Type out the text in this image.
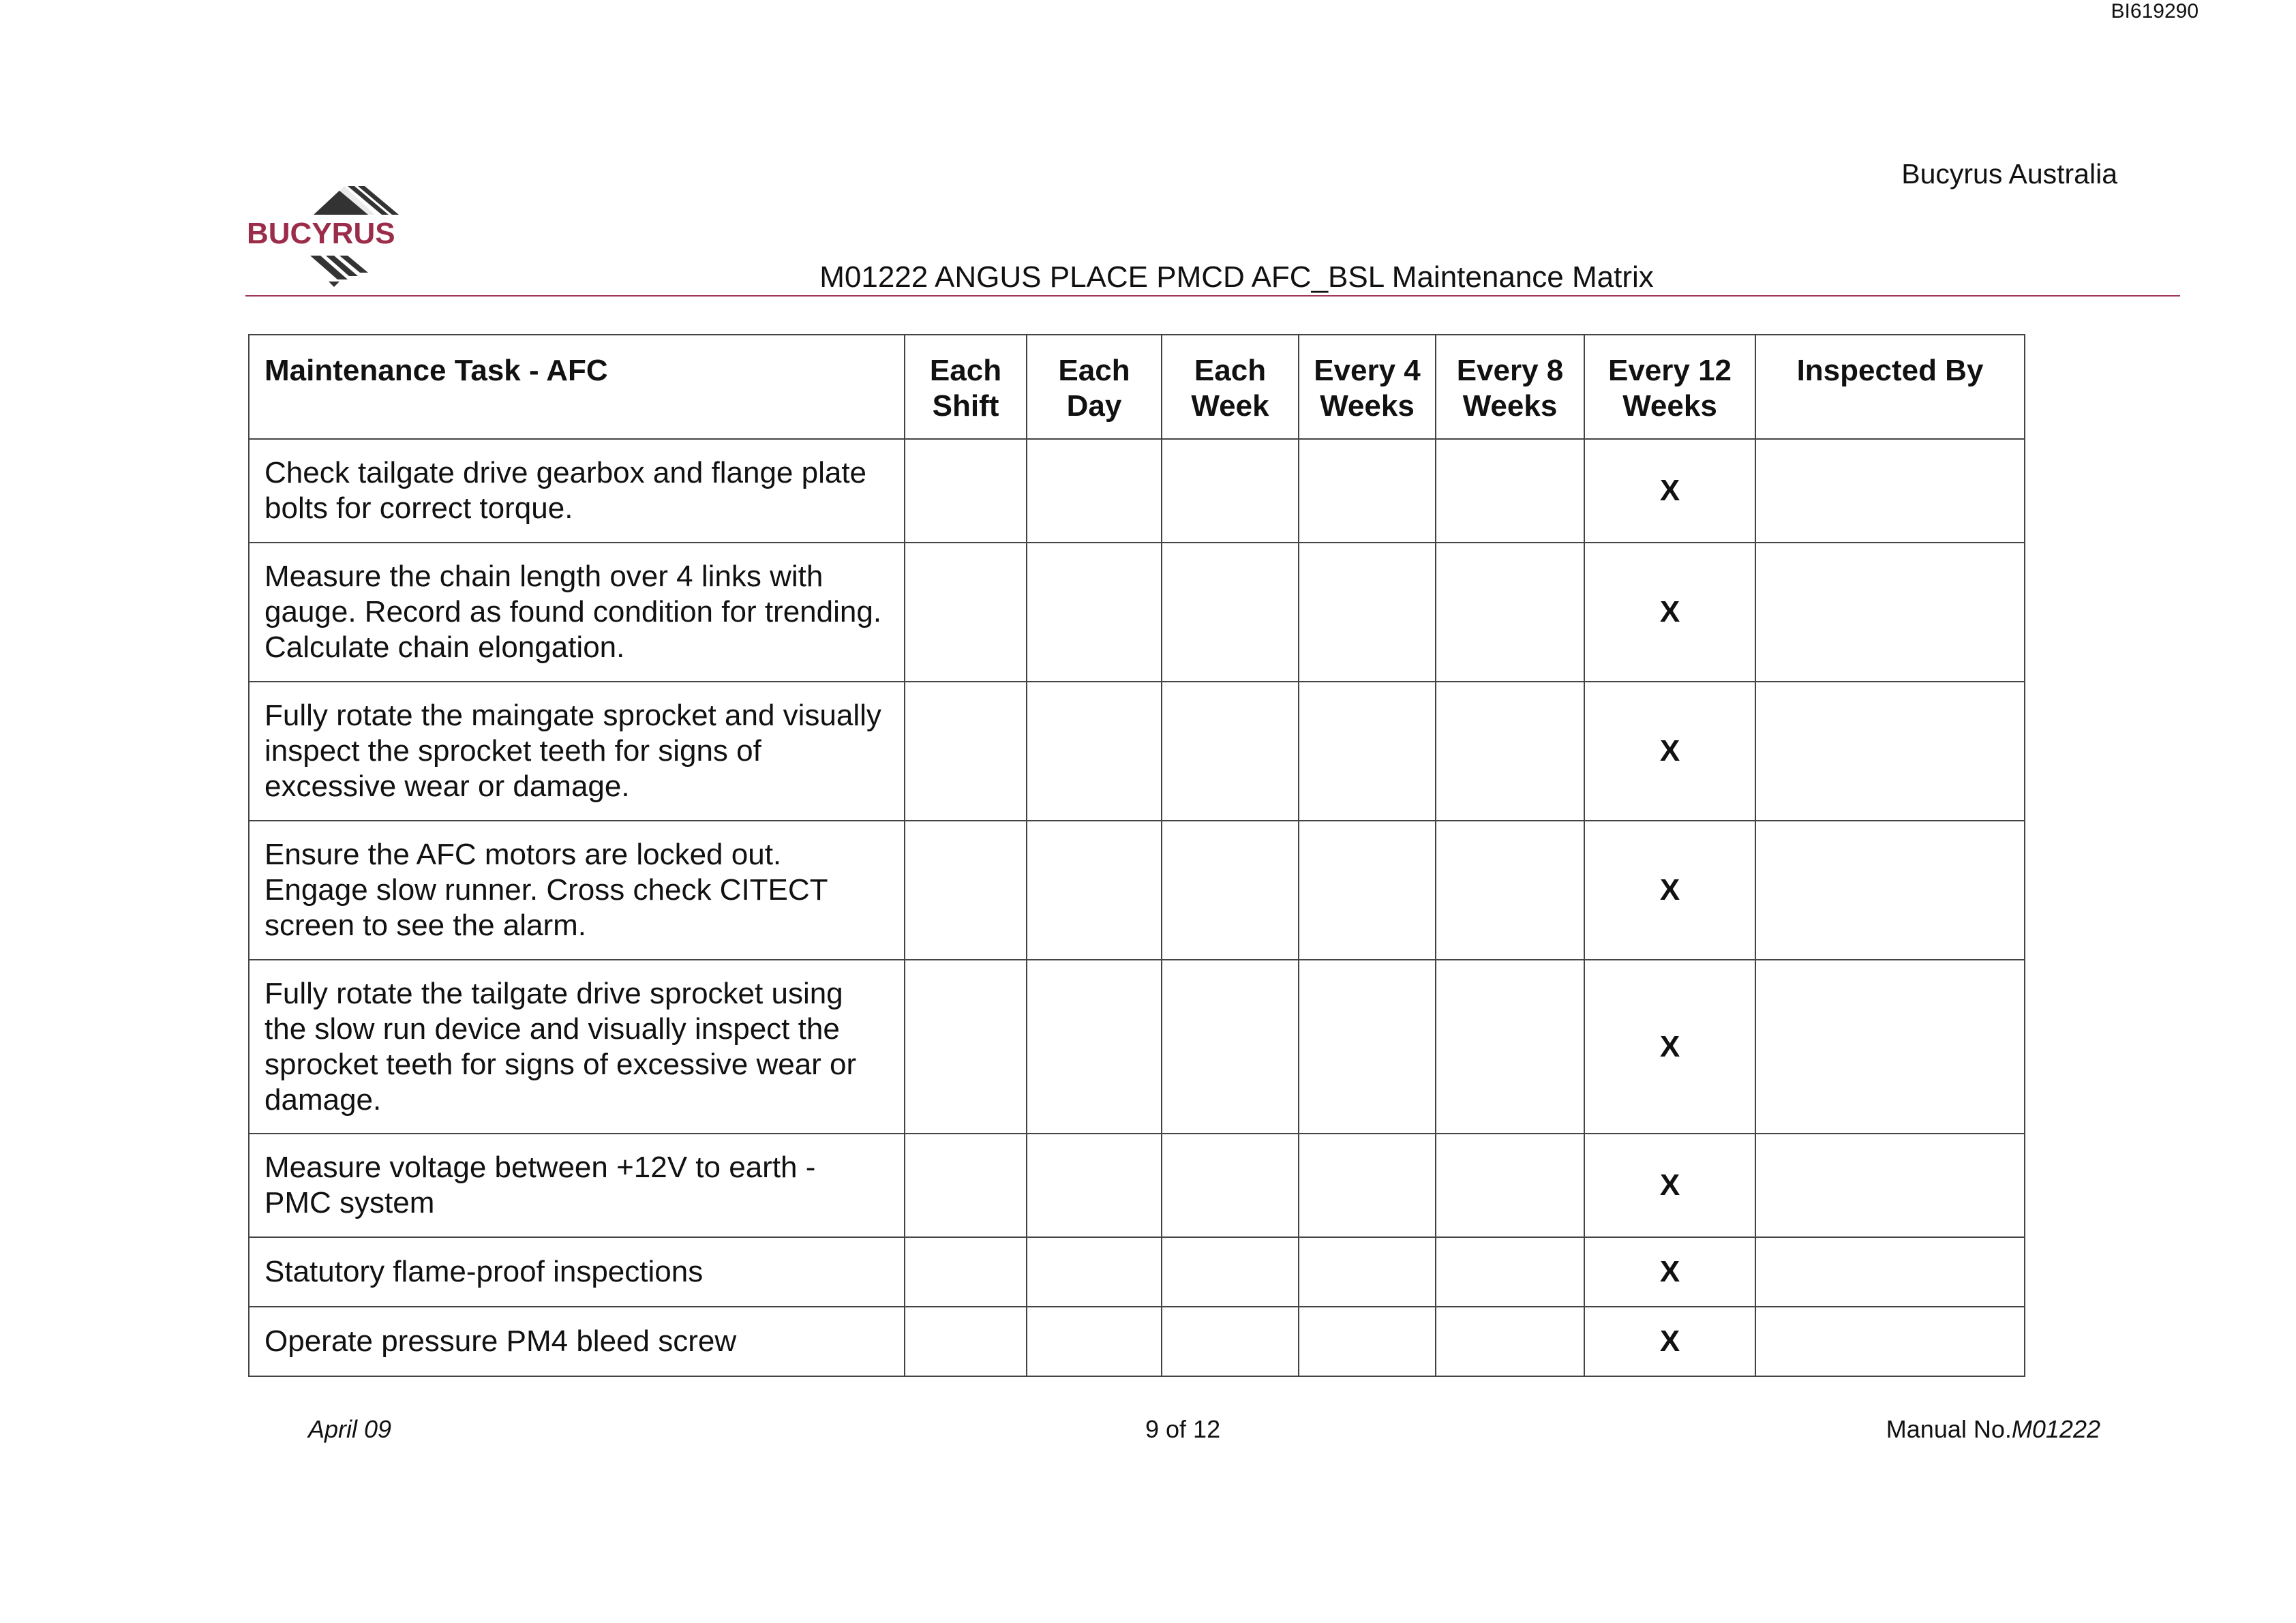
BI619290
Bucyrus Australia
BUCYRUS
M01222 ANGUS PLACE PMCD AFC_BSL Maintenance Matrix
Maintenance Task - AFC	Each Shift	Each Day	Each Week	Every 4 Weeks	Every 8 Weeks	Every 12 Weeks	Inspected By
Check tailgate drive gearbox and flange plate bolts for correct torque.						X	
Measure the chain length over 4 links with gauge. Record as found condition for trending. Calculate chain elongation.						X	
Fully rotate the maingate sprocket and visually inspect the sprocket teeth for signs of excessive wear or damage.						X	
Ensure the AFC motors are locked out. Engage slow runner. Cross check CITECT screen to see the alarm.						X	
Fully rotate the tailgate drive sprocket using the slow run device and visually inspect the sprocket teeth for signs of excessive wear or damage.						X	
Measure voltage between +12V to earth - PMC system						X	
Statutory flame-proof inspections						X	
Operate pressure PM4 bleed screw						X	
April 09	9 of 12	Manual No.M01222
